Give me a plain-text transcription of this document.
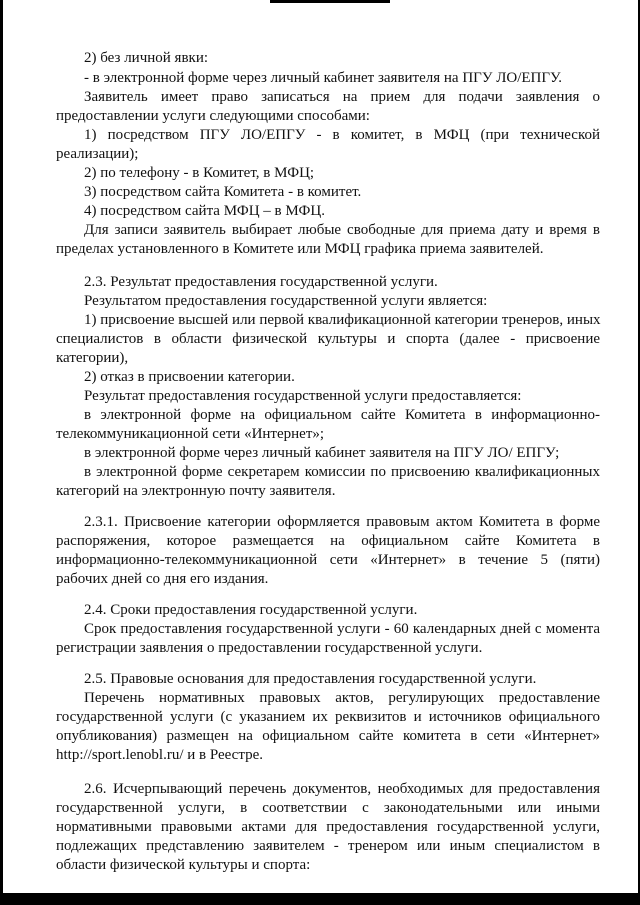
2) без личной явки:
- в электронной форме через личный кабинет заявителя на ПГУ ЛО/ЕПГУ.
Заявитель имеет право записаться на прием для подачи заявления о
предоставлении услуги следующими способами:
1) посредством ПГУ ЛО/ЕПГУ - в комитет, в МФЦ (при технической
реализации);
2) по телефону - в Комитет, в МФЦ;
3) посредством сайта Комитета - в комитет.
4) посредством сайта МФЦ – в МФЦ.
Для записи заявитель выбирает любые свободные для приема дату и время в
пределах установленного в Комитете или МФЦ графика приема заявителей.
2.3. Результат предоставления государственной услуги.
Результатом предоставления государственной услуги является:
1) присвоение высшей или первой квалификационной категории тренеров, иных
специалистов в области физической культуры и спорта (далее - присвоение
категории),
2) отказ в присвоении категории.
Результат предоставления государственной услуги предоставляется:
в электронной форме на официальном сайте Комитета в информационно-
телекоммуникационной сети «Интернет»;
в электронной форме через личный кабинет заявителя на ПГУ ЛО/ ЕПГУ;
в электронной форме секретарем комиссии по присвоению квалификационных
категорий на электронную почту заявителя.
2.3.1. Присвоение категории оформляется правовым актом Комитета в форме
распоряжения, которое размещается на официальном сайте Комитета в
информационно-телекоммуникационной сети «Интернет» в течение 5 (пяти)
рабочих дней со дня его издания.
2.4. Сроки предоставления государственной услуги.
Срок предоставления государственной услуги - 60 календарных дней с момента
регистрации заявления о предоставлении государственной услуги.
2.5. Правовые основания для предоставления государственной услуги.
Перечень нормативных правовых актов, регулирующих предоставление
государственной услуги (с указанием их реквизитов и источников официального
опубликования) размещен на официальном сайте комитета в сети «Интернет»
http://sport.lenobl.ru/ и в Реестре.
2.6. Исчерпывающий перечень документов, необходимых для предоставления
государственной услуги, в соответствии с законодательными или иными
нормативными правовыми актами для предоставления государственной услуги,
подлежащих представлению заявителем - тренером или иным специалистом в
области физической культуры и спорта:
